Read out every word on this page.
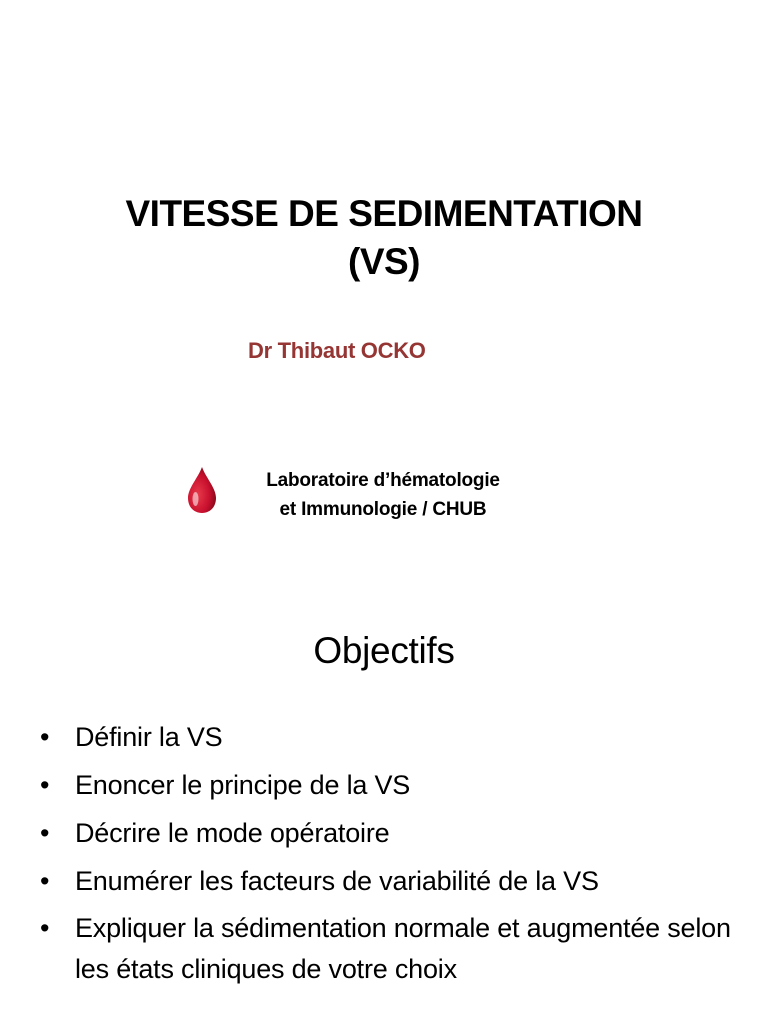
VITESSE DE SEDIMENTATION
(VS)
Dr Thibaut OCKO
Laboratoire d’hématologie
et Immunologie / CHUB
Objectifs
• Définir la VS
• Enoncer le principe de la VS
• Décrire le mode opératoire
• Enumérer les facteurs de variabilité de la VS
• Expliquer la sédimentation normale et augmentée selon les états cliniques de votre choix
